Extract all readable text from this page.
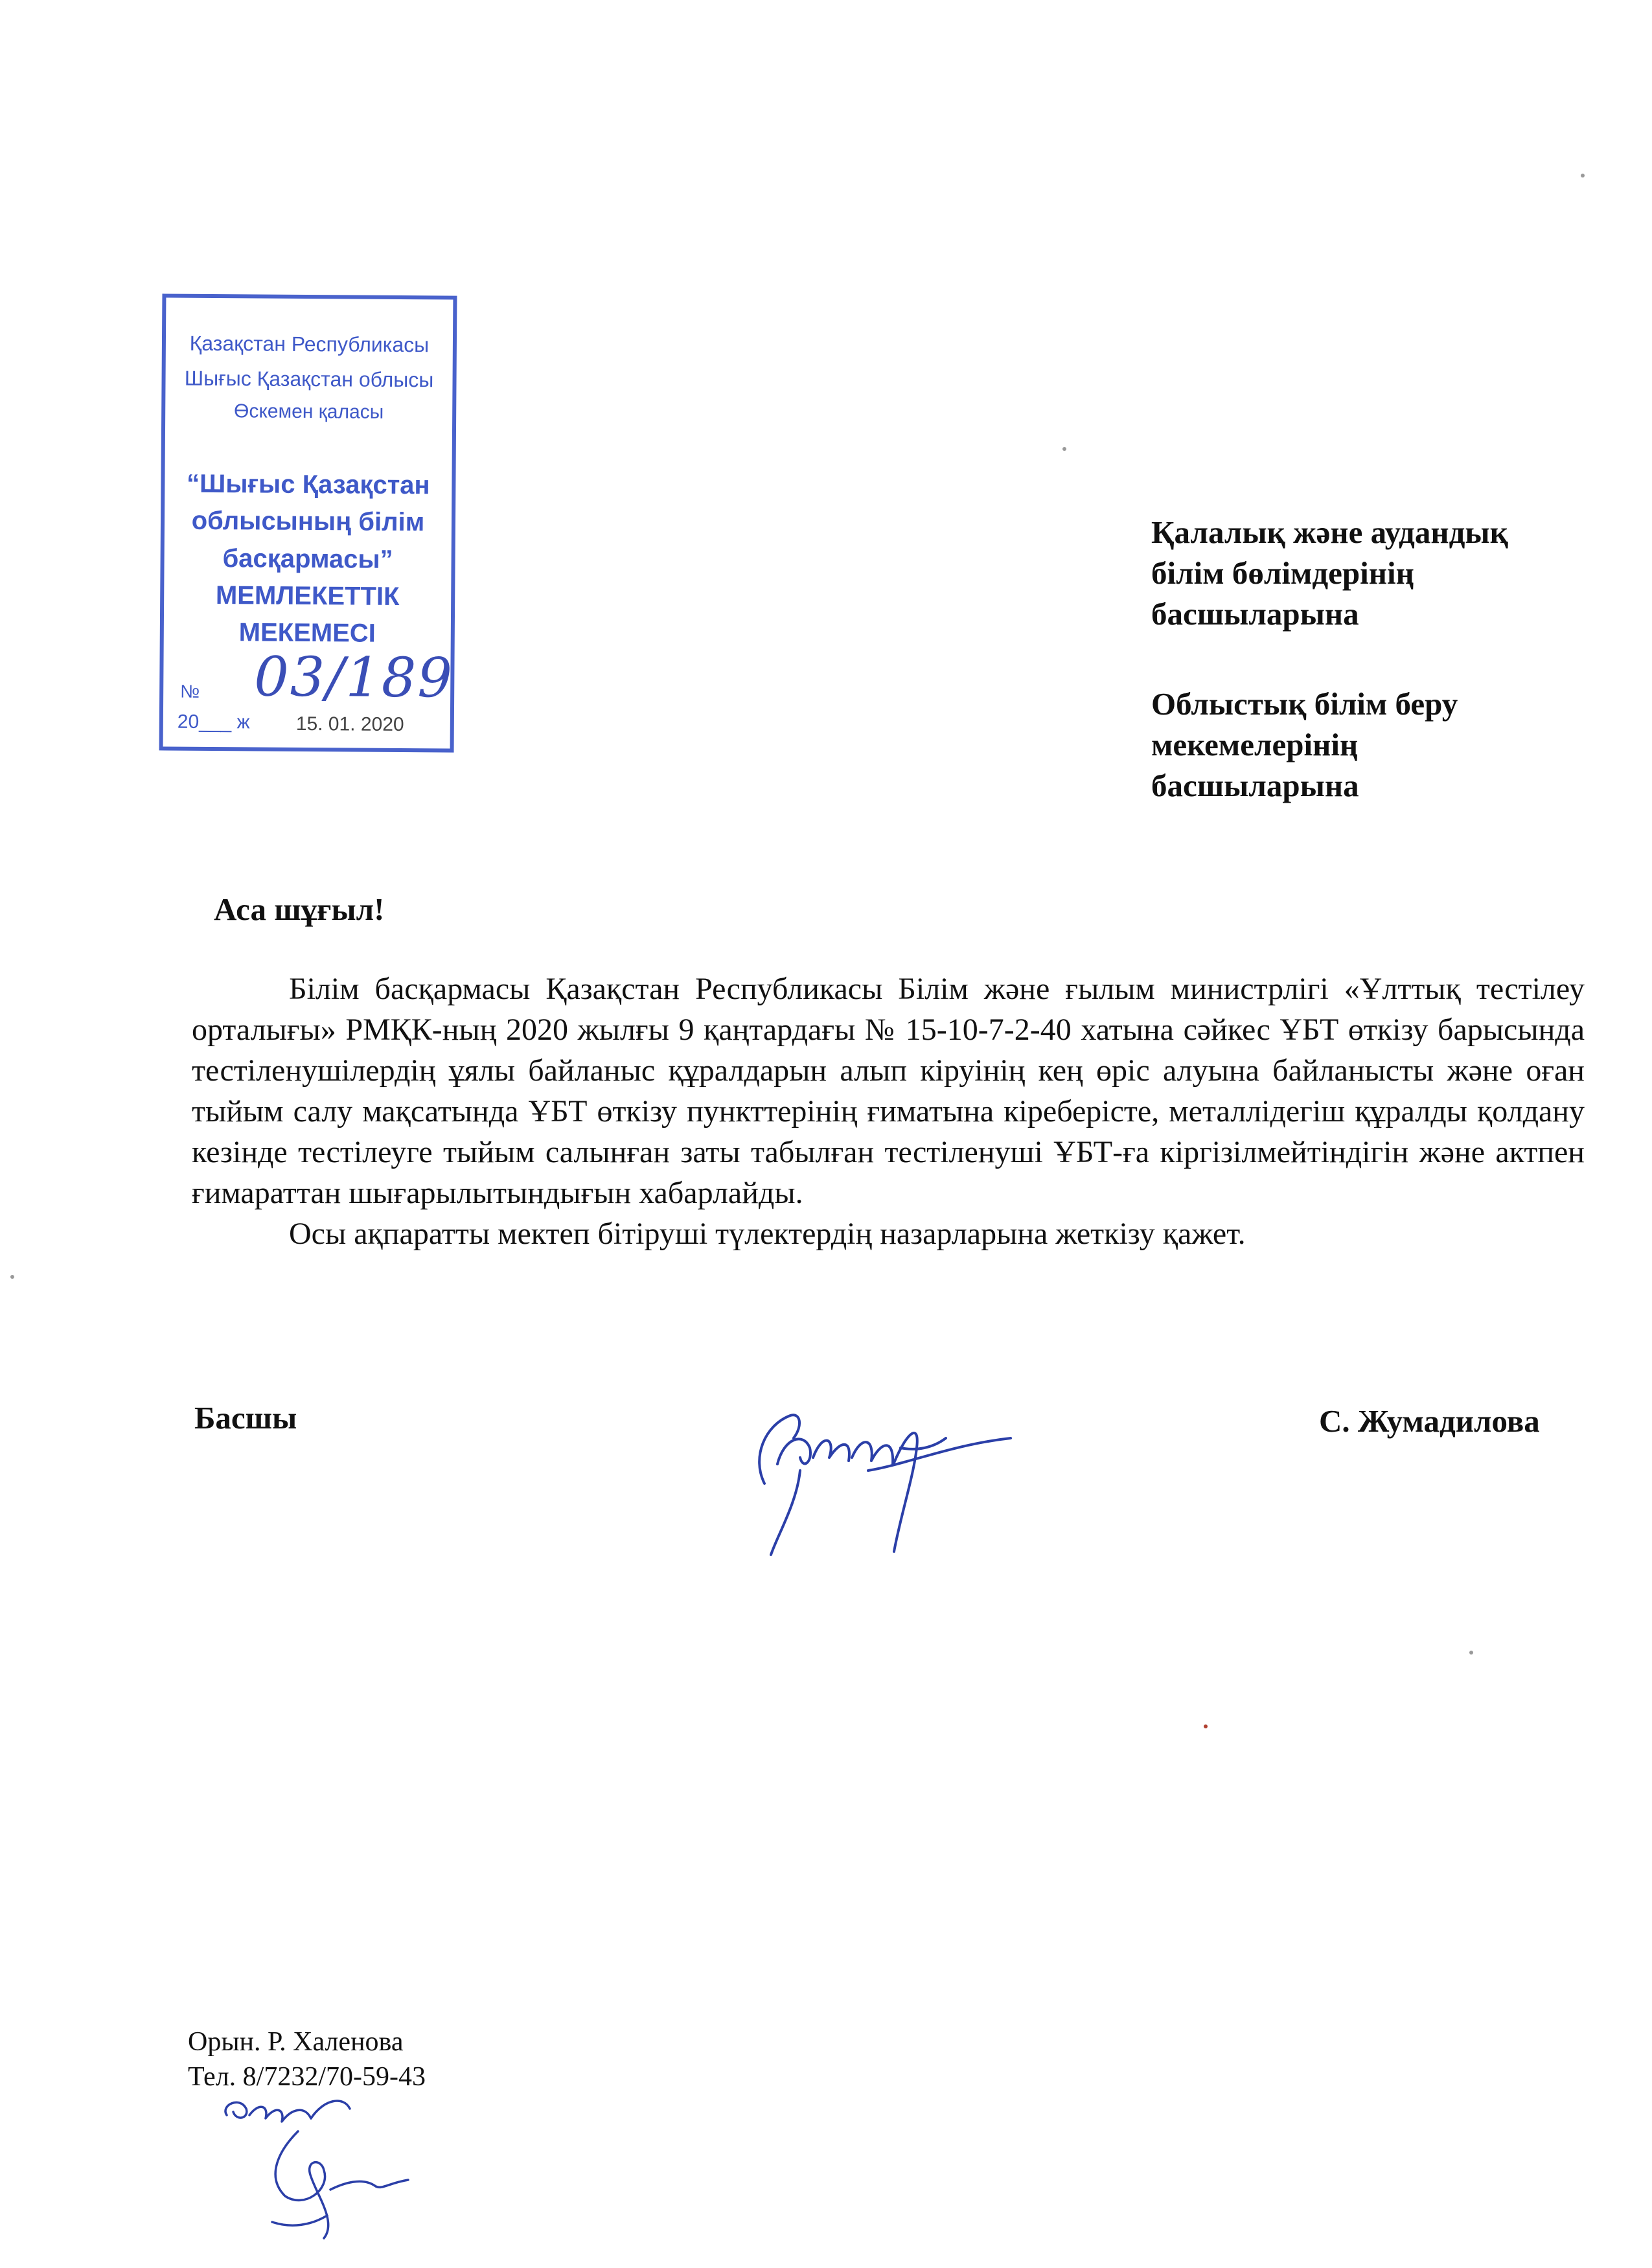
Қазақстан Республикасы
Шығыс Қазақстан облысы
Өскемен қаласы
“Шығыс Қазақстан
облысының білім
басқармасы”
МЕМЛЕКЕТТІК
МЕКЕМЕСІ
№ 03/189
20___ ж 15. 01. 2020
Қалалық және аудандық
білім бөлімдерінің
басшыларына
Облыстық білім беру
мекемелерінің
басшыларына
Аса шұғыл!

Білім басқармасы Қазақстан Республикасы Білім және ғылым министрлігі «Ұлттық тестілеу орталығы» РМҚК-ның 2020 жылғы 9 қаңтардағы № 15-10-7-2-40 хатына сәйкес ҰБТ өткізу барысында тестіленушілердің ұялы байланыс құралдарын алып кіруінің кең өріс алуына байланысты және оған тыйым салу мақсатында ҰБТ өткізу пункттерінің ғиматына кіреберісте, металлідегіш құралды қолдану кезінде тестілеуге тыйым салынған заты табылған тестіленуші ҰБТ-ға кіргізілмейтіндігін және актпен ғимараттан шығарылытындығын хабарлайды.

Осы ақпаратты мектеп бітіруші түлектердің назарларына жеткізу қажет.

Басшы	С. Жумадилова
Орын. Р. Халенова
Тел. 8/7232/70-59-43
